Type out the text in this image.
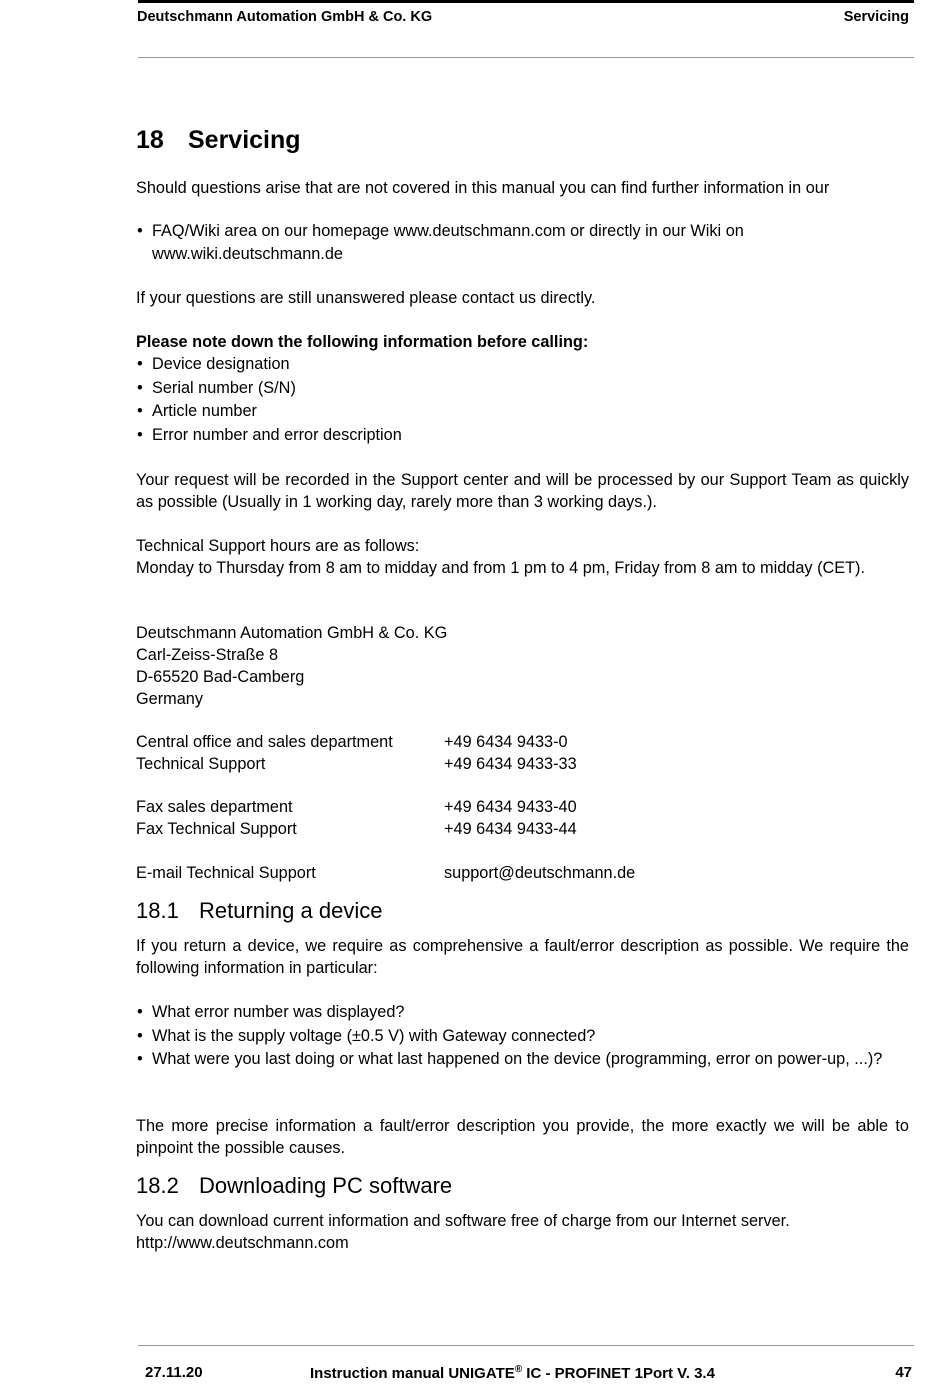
Deutschmann Automation GmbH & Co. KG	Servicing
18 Servicing
Should questions arise that are not covered in this manual you can find further information in our
• FAQ/Wiki area on our homepage www.deutschmann.com or directly in our Wiki on www.wiki.deutschmann.de
If your questions are still unanswered please contact us directly.
Please note down the following information before calling:
• Device designation
• Serial number (S/N)
• Article number
• Error number and error description
Your request will be recorded in the Support center and will be processed by our Support Team as quickly as possible (Usually in 1 working day, rarely more than 3 working days.).
Technical Support hours are as follows:
Monday to Thursday from 8 am to midday and from 1 pm to 4 pm, Friday from 8 am to midday (CET).
Deutschmann Automation GmbH & Co. KG
Carl-Zeiss-Straße 8
D-65520 Bad-Camberg
Germany
Central office and sales department	+49 6434 9433-0
Technical Support	+49 6434 9433-33
Fax sales department	+49 6434 9433-40
Fax Technical Support	+49 6434 9433-44
E-mail Technical Support	support@deutschmann.de
18.1 Returning a device
If you return a device, we require as comprehensive a fault/error description as possible. We require the following information in particular:
• What error number was displayed?
• What is the supply voltage (±0.5 V) with Gateway connected?
• What were you last doing or what last happened on the device (programming, error on power-up, ...)?
The more precise information a fault/error description you provide, the more exactly we will be able to pinpoint the possible causes.
18.2 Downloading PC software
You can download current information and software free of charge from our Internet server.
http://www.deutschmann.com
27.11.20	Instruction manual UNIGATE® IC - PROFINET 1Port V. 3.4	47
